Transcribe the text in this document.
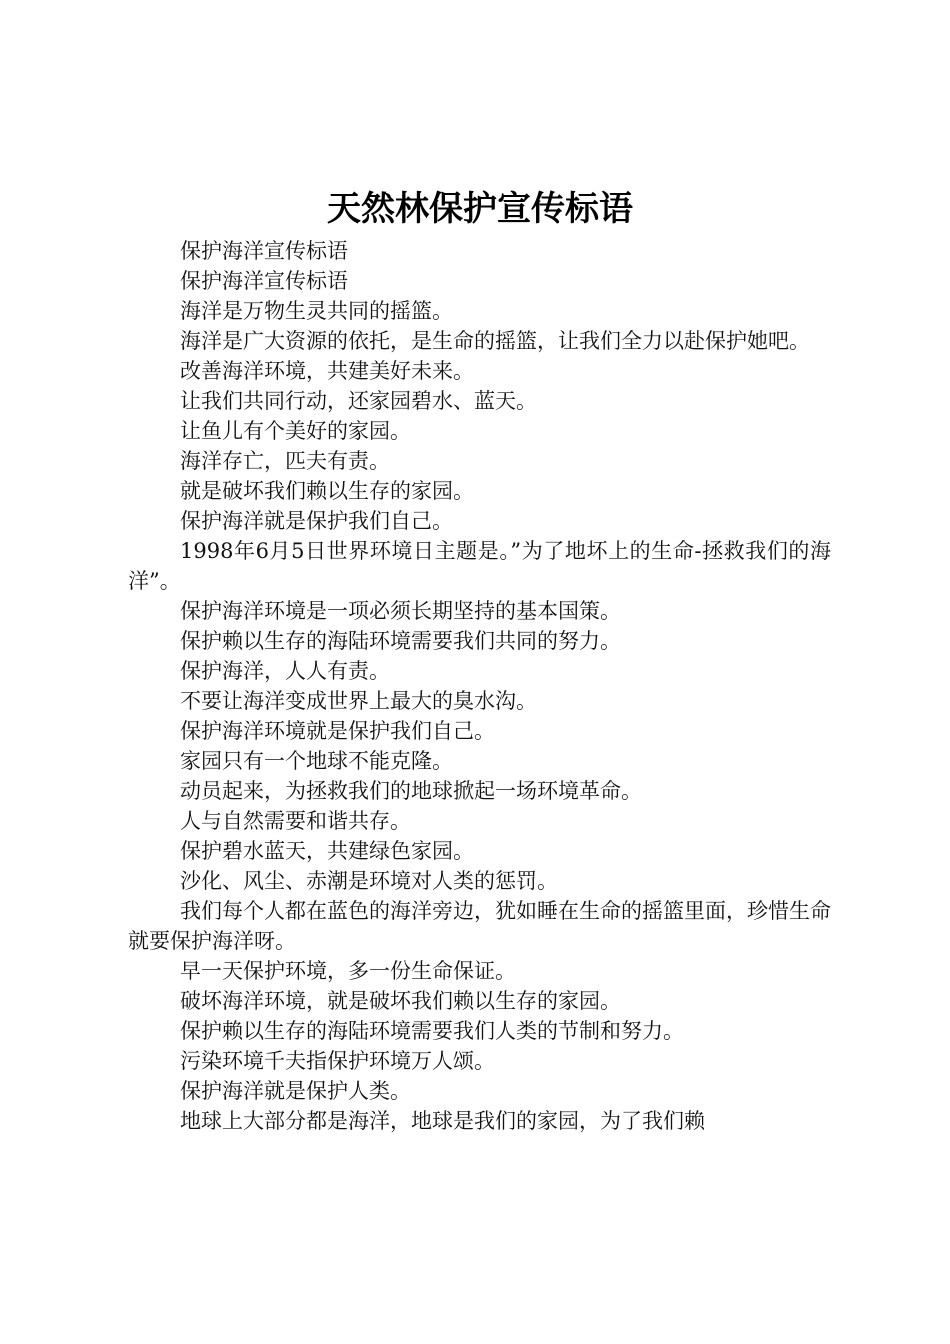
天然林保护宣传标语

保护海洋宣传标语

保护海洋宣传标语

海洋是万物生灵共同的摇篮。

海洋是广大资源的依托，是生命的摇篮，让我们全力以赴保护她吧。

改善海洋环境，共建美好未来。

让我们共同行动，还家园碧水、蓝天。

让鱼儿有个美好的家园。

海洋存亡，匹夫有责。

就是破坏我们赖以生存的家园。

保护海洋就是保护我们自己。

1998年6月5日世界环境日主题是。”为了地坏上的生命-拯救我们的海洋”。

保护海洋环境是一项必须长期坚持的基本国策。

保护赖以生存的海陆环境需要我们共同的努力。

保护海洋，人人有责。

不要让海洋变成世界上最大的臭水沟。

保护海洋环境就是保护我们自己。

家园只有一个地球不能克隆。

动员起来，为拯救我们的地球掀起一场环境革命。

人与自然需要和谐共存。

保护碧水蓝天，共建绿色家园。

沙化、风尘、赤潮是环境对人类的惩罚。

我们每个人都在蓝色的海洋旁边，犹如睡在生命的摇篮里面，珍惜生命就要保护海洋呀。

早一天保护环境，多一份生命保证。

破坏海洋环境，就是破坏我们赖以生存的家园。

保护赖以生存的海陆环境需要我们人类的节制和努力。

污染环境千夫指保护环境万人颂。

保护海洋就是保护人类。

地球上大部分都是海洋，地球是我们的家园，为了我们赖
